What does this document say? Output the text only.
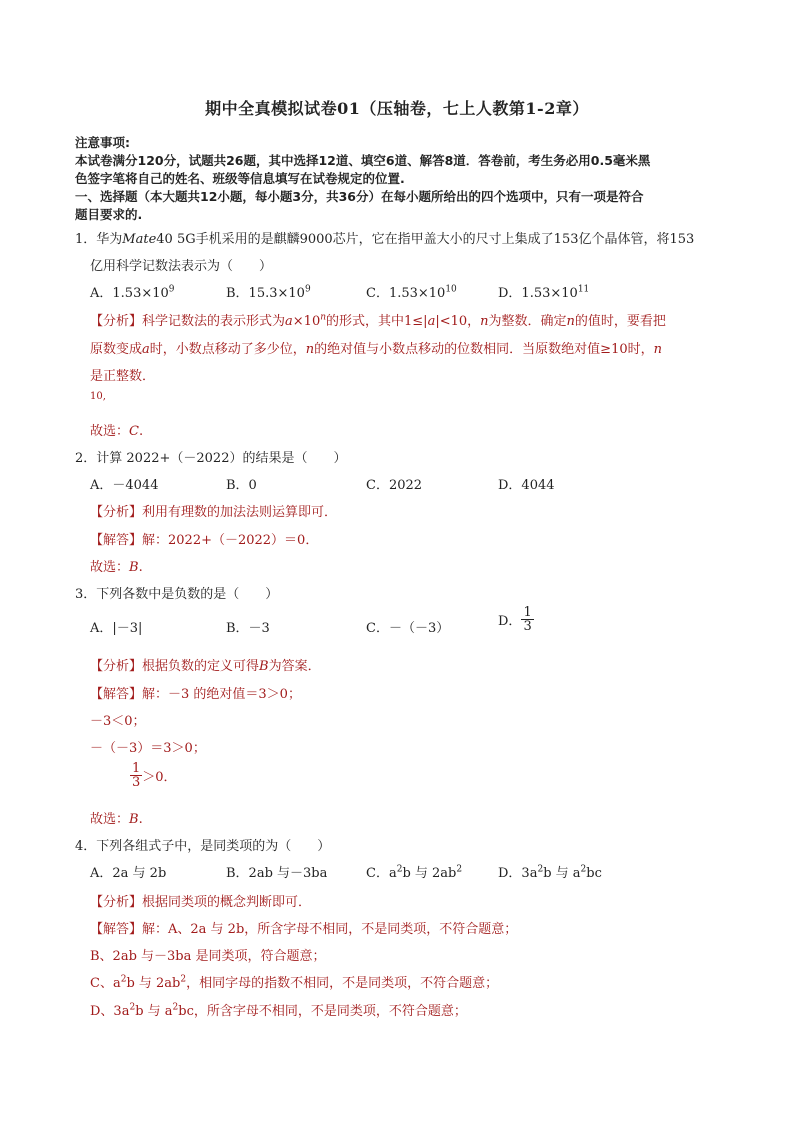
期中全真模拟试卷01（压轴卷，七上人教第1-2章）
注意事项:
本试卷满分120分，试题共26题，其中选择12道、填空6道、解答8道．答卷前，考生务必用0.5毫米黑
色签字笔将自己的姓名、班级等信息填写在试卷规定的位置.
一、选择题（本大题共12小题，每小题3分，共36分）在每小题所给出的四个选项中，只有一项是符合
题目要求的.
1．华为Mate40 5G手机采用的是麒麟9000芯片，它在指甲盖大小的尺寸上集成了153亿个晶体管，将153
亿用科学记数法表示为（　　）
A．$1.53\times 10^9$	B．$15.3\times 10^9$	C．$1.53\times 10^{10}$	D．$1.53\times 10^{11}$
【分析】科学记数法的表示形式为$a\times 10^n$的形式，其中1≤|a|<10，n为整数．确定n的值时，要看把
原数变成a时，小数点移动了多少位，n的绝对值与小数点移动的位数相同．当原数绝对值≥10时，n
是正整数．
10,
故选：C.
2．计算 2022+（－2022）的结果是（　　）
A．－4044	B．0	C．2022	D．4044
【分析】利用有理数的加法法则运算即可．
【解答】解：2022+（－2022）＝0．
故选：B.
3．下列各数中是负数的是（　　）
A．|－3|	B．－3	C．－（－3）	D． $\frac{1}{3}$
【分析】根据负数的定义可得B为答案．
【解答】解：－3 的绝对值＝3＞0；
－3＜0；
－（－3）＝3＞0；
$\frac{1}{3} >0$．
故选：B.
4．下列各组式子中，是同类项的为（　　）
A．2a 与 2b	B．2ab 与－3ba	C．$a^2b$ 与 $2ab^2$	D．$3a^2b$ 与 $a^2bc$
【分析】根据同类项的概念判断即可．
【解答】解：A、2a 与 2b，所含字母不相同，不是同类项，不符合题意；
B、2ab 与－3ba 是同类项，符合题意；
C、$a^2b$ 与 $2ab^2$，相同字母的指数不相同，不是同类项，不符合题意；
D、$3a^2b$ 与 $a^2bc$，所含字母不相同，不是同类项，不符合题意；
